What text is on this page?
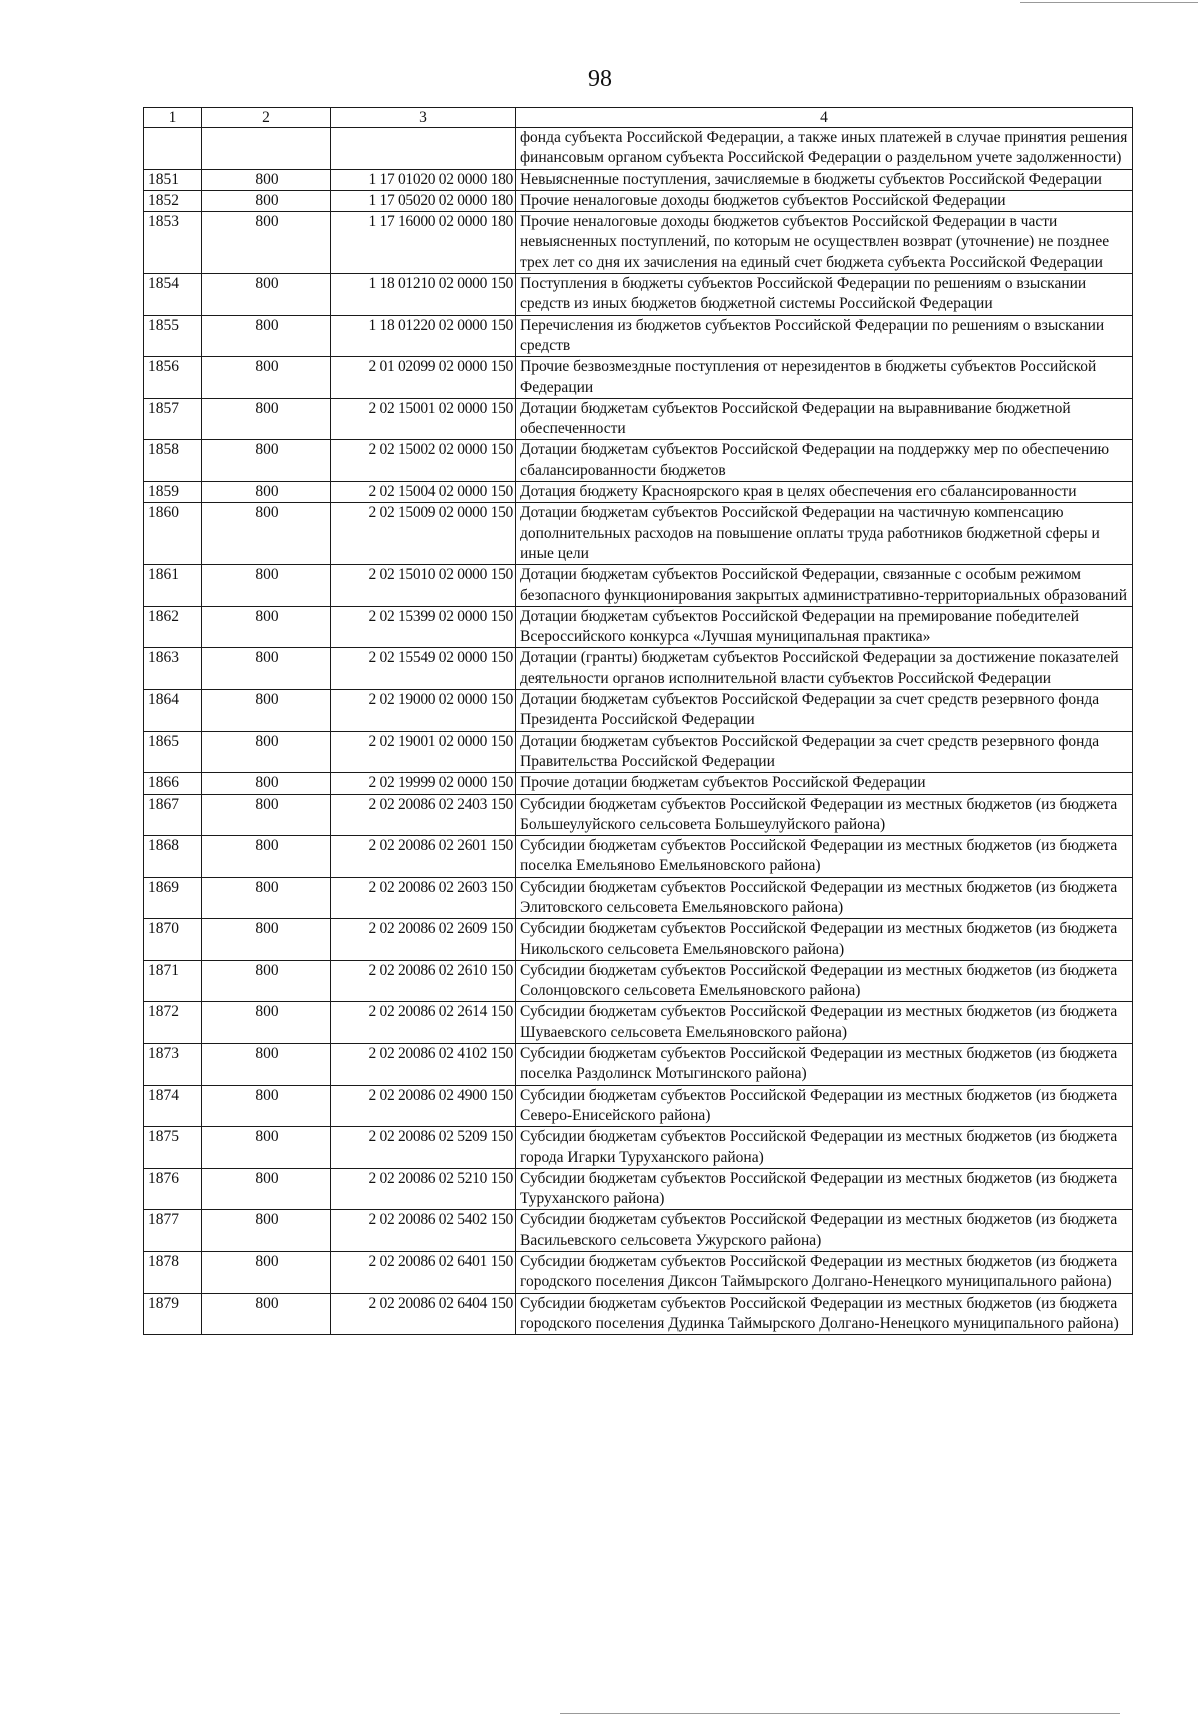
98
1	2	3	4
			фонда субъекта Российской Федерации, а также иных платежей в случае принятия решения финансовым органом субъекта Российской Федерации о раздельном учете задолженности)
1851	800	1 17 01020 02 0000 180	Невыясненные поступления, зачисляемые в бюджеты субъектов Российской Федерации
1852	800	1 17 05020 02 0000 180	Прочие неналоговые доходы бюджетов субъектов Российской Федерации
1853	800	1 17 16000 02 0000 180	Прочие неналоговые доходы бюджетов субъектов Российской Федерации в части невыясненных поступлений, по которым не осуществлен возврат (уточнение) не позднее трех лет со дня их зачисления на единый счет бюджета субъекта Российской Федерации
1854	800	1 18 01210 02 0000 150	Поступления в бюджеты субъектов Российской Федерации по решениям о взыскании средств из иных бюджетов бюджетной системы Российской Федерации
1855	800	1 18 01220 02 0000 150	Перечисления из бюджетов субъектов Российской Федерации по решениям о взыскании средств
1856	800	2 01 02099 02 0000 150	Прочие безвозмездные поступления от нерезидентов в бюджеты субъектов Российской Федерации
1857	800	2 02 15001 02 0000 150	Дотации бюджетам субъектов Российской Федерации на выравнивание бюджетной обеспеченности
1858	800	2 02 15002 02 0000 150	Дотации бюджетам субъектов Российской Федерации на поддержку мер по обеспечению сбалансированности бюджетов
1859	800	2 02 15004 02 0000 150	Дотация бюджету Красноярского края в целях обеспечения его сбалансированности
1860	800	2 02 15009 02 0000 150	Дотации бюджетам субъектов Российской Федерации на частичную компенсацию дополнительных расходов на повышение оплаты труда работников бюджетной сферы и иные цели
1861	800	2 02 15010 02 0000 150	Дотации бюджетам субъектов Российской Федерации, связанные с особым режимом безопасного функционирования закрытых административно-территориальных образований
1862	800	2 02 15399 02 0000 150	Дотации бюджетам субъектов Российской Федерации на премирование победителей Всероссийского конкурса «Лучшая муниципальная практика»
1863	800	2 02 15549 02 0000 150	Дотации (гранты) бюджетам субъектов Российской Федерации за достижение показателей деятельности органов исполнительной власти субъектов Российской Федерации
1864	800	2 02 19000 02 0000 150	Дотации бюджетам субъектов Российской Федерации за счет средств резервного фонда Президента Российской Федерации
1865	800	2 02 19001 02 0000 150	Дотации бюджетам субъектов Российской Федерации за счет средств резервного фонда Правительства Российской Федерации
1866	800	2 02 19999 02 0000 150	Прочие дотации бюджетам субъектов Российской Федерации
1867	800	2 02 20086 02 2403 150	Субсидии бюджетам субъектов Российской Федерации из местных бюджетов (из бюджета Большеулуйского сельсовета Большеулуйского района)
1868	800	2 02 20086 02 2601 150	Субсидии бюджетам субъектов Российской Федерации из местных бюджетов (из бюджета поселка Емельяново Емельяновского района)
1869	800	2 02 20086 02 2603 150	Субсидии бюджетам субъектов Российской Федерации из местных бюджетов (из бюджета Элитовского сельсовета Емельяновского района)
1870	800	2 02 20086 02 2609 150	Субсидии бюджетам субъектов Российской Федерации из местных бюджетов (из бюджета Никольского сельсовета Емельяновского района)
1871	800	2 02 20086 02 2610 150	Субсидии бюджетам субъектов Российской Федерации из местных бюджетов (из бюджета Солонцовского сельсовета Емельяновского района)
1872	800	2 02 20086 02 2614 150	Субсидии бюджетам субъектов Российской Федерации из местных бюджетов (из бюджета Шуваевского сельсовета Емельяновского района)
1873	800	2 02 20086 02 4102 150	Субсидии бюджетам субъектов Российской Федерации из местных бюджетов (из бюджета поселка Раздолинск Мотыгинского района)
1874	800	2 02 20086 02 4900 150	Субсидии бюджетам субъектов Российской Федерации из местных бюджетов (из бюджета Северо-Енисейского района)
1875	800	2 02 20086 02 5209 150	Субсидии бюджетам субъектов Российской Федерации из местных бюджетов (из бюджета города Игарки Туруханского района)
1876	800	2 02 20086 02 5210 150	Субсидии бюджетам субъектов Российской Федерации из местных бюджетов (из бюджета Туруханского района)
1877	800	2 02 20086 02 5402 150	Субсидии бюджетам субъектов Российской Федерации из местных бюджетов (из бюджета Васильевского сельсовета Ужурского района)
1878	800	2 02 20086 02 6401 150	Субсидии бюджетам субъектов Российской Федерации из местных бюджетов (из бюджета городского поселения Диксон Таймырского Долгано-Ненецкого муниципального района)
1879	800	2 02 20086 02 6404 150	Субсидии бюджетам субъектов Российской Федерации из местных бюджетов (из бюджета городского поселения Дудинка Таймырского Долгано-Ненецкого муниципального района)
